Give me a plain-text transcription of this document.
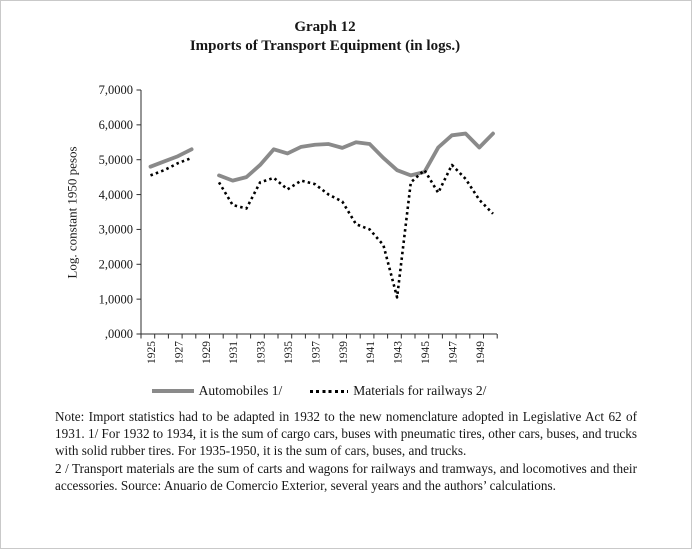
Graph 12
Imports of Transport Equipment (in logs.)
Log. constant 1950 pesos
,0000
1,0000
2,0000
3,0000
4,0000
5,0000
6,0000
7,0000
1925 1927 1929 1931 1933 1935 1937 1939 1941 1943 1945 1947 1949
Automobiles 1/	Materials for railways 2/

Note: Import statistics had to be adapted in 1932 to the new nomenclature adopted in Legislative Act 62 of 1931. 1/ For 1932 to 1934, it is the sum of cargo cars, buses with pneumatic tires, other cars, buses, and trucks with solid rubber tires. For 1935-1950, it is the sum of cars, buses, and trucks.

2 / Transport materials are the sum of carts and wagons for railways and tramways, and locomotives and their accessories. Source: Anuario de Comercio Exterior, several years and the authors’ calculations.
